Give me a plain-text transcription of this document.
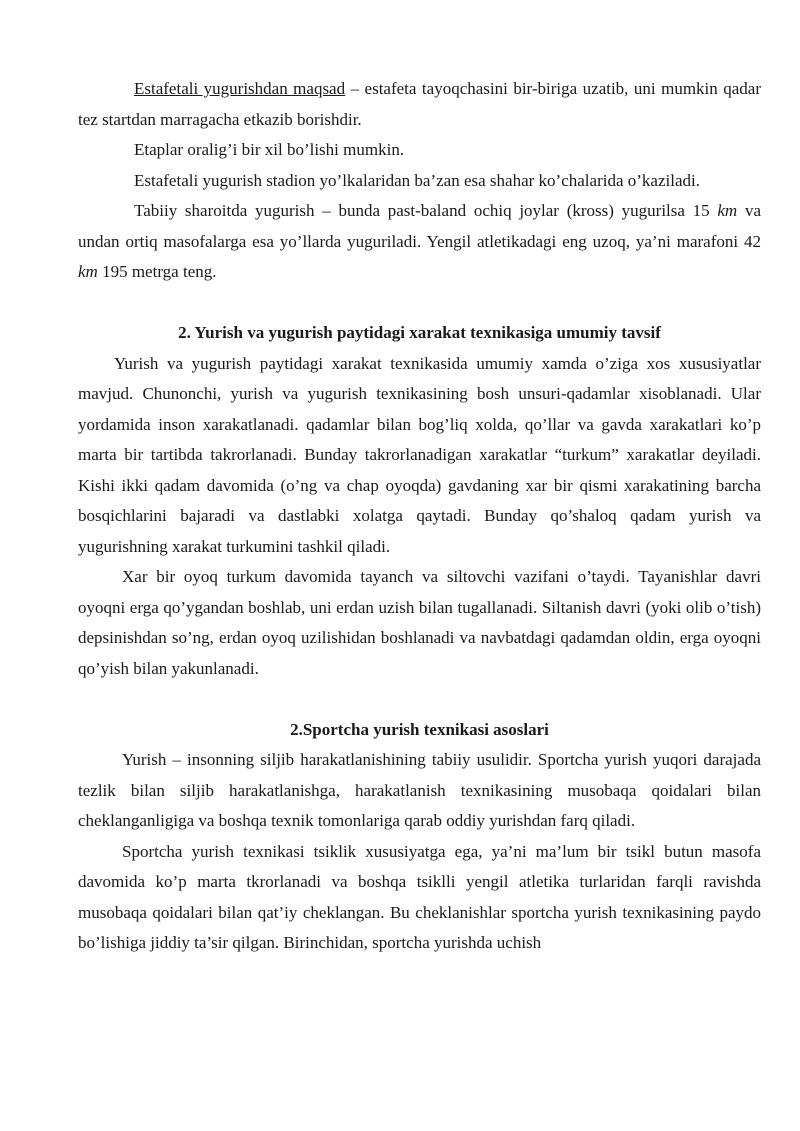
Estafetali yugurishdan maqsad – estafeta tayoqchasini bir-biriga uzatib, uni mumkin qadar tez startdan marragacha etkazib borishdir.

Etaplar oralig’i bir xil bo’lishi mumkin.

Estafetali yugurish stadion yo’lkalaridan ba’zan esa shahar ko’chalarida o’kaziladi.

Tabiiy sharoitda yugurish – bunda past-baland ochiq joylar (kross) yugurilsa 15 km va undan ortiq masofalarga esa yo’llarda yuguriladi. Yengil atletikadagi eng uzoq, ya’ni marafoni 42 km 195 metrga teng.

2. Yurish va yugurish paytidagi xarakat texnikasiga umumiy tavsif

Yurish va yugurish paytidagi xarakat texnikasida umumiy xamda o’ziga xos xususiyatlar mavjud. Chunonchi, yurish va yugurish texnikasining bosh unsuri-qadamlar xisoblanadi. Ular yordamida inson xarakatlanadi. qadamlar bilan bog’liq xolda, qo’llar va gavda xarakatlari ko’p marta bir tartibda takrorlanadi. Bunday takrorlanadigan xarakatlar “turkum” xarakatlar deyiladi. Kishi ikki qadam davomida (o’ng va chap oyoqda) gavdaning xar bir qismi xarakatining barcha bosqichlarini bajaradi va dastlabki xolatga qaytadi. Bunday qo’shaloq qadam yurish va yugurishning xarakat turkumini tashkil qiladi.

Xar bir oyoq turkum davomida tayanch va siltovchi vazifani o’taydi. Tayanishlar davri oyoqni erga qo’ygandan boshlab, uni erdan uzish bilan tugallanadi. Siltanish davri (yoki olib o’tish) depsinishdan so’ng, erdan oyoq uzilishidan boshlanadi va navbatdagi qadamdan oldin, erga oyoqni qo’yish bilan yakunlanadi.

2.Sportcha yurish texnikasi asoslari

Yurish – insonning siljib harakatlanishining tabiiy usulidir. Sportcha yurish yuqori darajada tezlik bilan siljib harakatlanishga, harakatlanish texnikasining musobaqa qoidalari bilan cheklanganligiga va boshqa texnik tomonlariga qarab oddiy yurishdan farq qiladi.

Sportcha yurish texnikasi tsiklik xususiyatga ega, ya’ni ma’lum bir tsikl butun masofa davomida ko’p marta tkrorlanadi va boshqa tsiklli yengil atletika turlaridan farqli ravishda musobaqa qoidalari bilan qat’iy cheklangan. Bu cheklanishlar sportcha yurish texnikasining paydo bo’lishiga jiddiy ta’sir qilgan. Birinchidan, sportcha yurishda uchish
